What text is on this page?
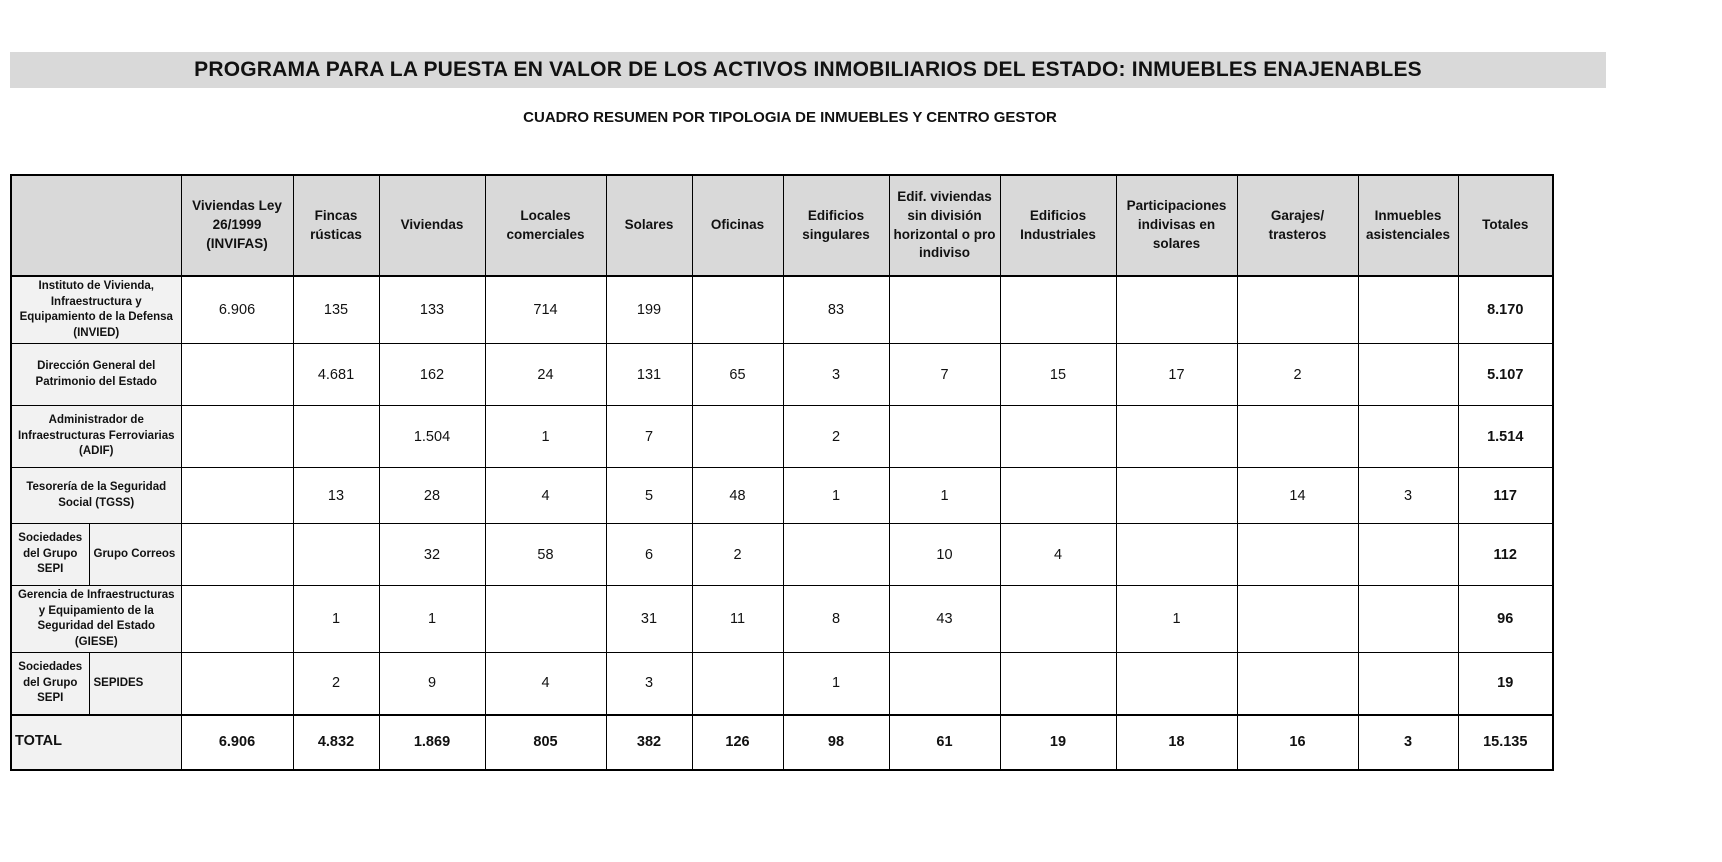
PROGRAMA PARA LA PUESTA EN VALOR DE LOS ACTIVOS INMOBILIARIOS DEL ESTADO: INMUEBLES ENAJENABLES
CUADRO RESUMEN POR TIPOLOGIA DE INMUEBLES Y CENTRO GESTOR
		Viviendas Ley 26/1999 (INVIFAS)	Fincas rústicas	Viviendas	Locales comerciales	Solares	Oficinas	Edificios singulares	Edif. viviendas sin división horizontal o pro indiviso	Edificios Industriales	Participaciones indivisas en solares	Garajes/ trasteros	Inmuebles asistenciales	Totales
Instituto de Vivienda, Infraestructura y Equipamiento de la Defensa (INVIED)		6.906	135	133	714	199		83						8.170
Dirección General del Patrimonio del Estado			4.681	162	24	131	65	3	7	15	17	2		5.107
Administrador de Infraestructuras Ferroviarias (ADIF)				1.504	1	7		2						1.514
Tesorería de la Seguridad Social (TGSS)			13	28	4	5	48	1	1			14	3	117
Sociedades del Grupo SEPI	Grupo Correos			32	58	6	2		10	4				112
Gerencia de Infraestructuras y Equipamiento de la Seguridad del Estado (GIESE)			1	1		31	11	8	43		1			96
Sociedades del Grupo SEPI	SEPIDES		2	9	4	3		1						19
TOTAL		6.906	4.832	1.869	805	382	126	98	61	19	18	16	3	15.135
